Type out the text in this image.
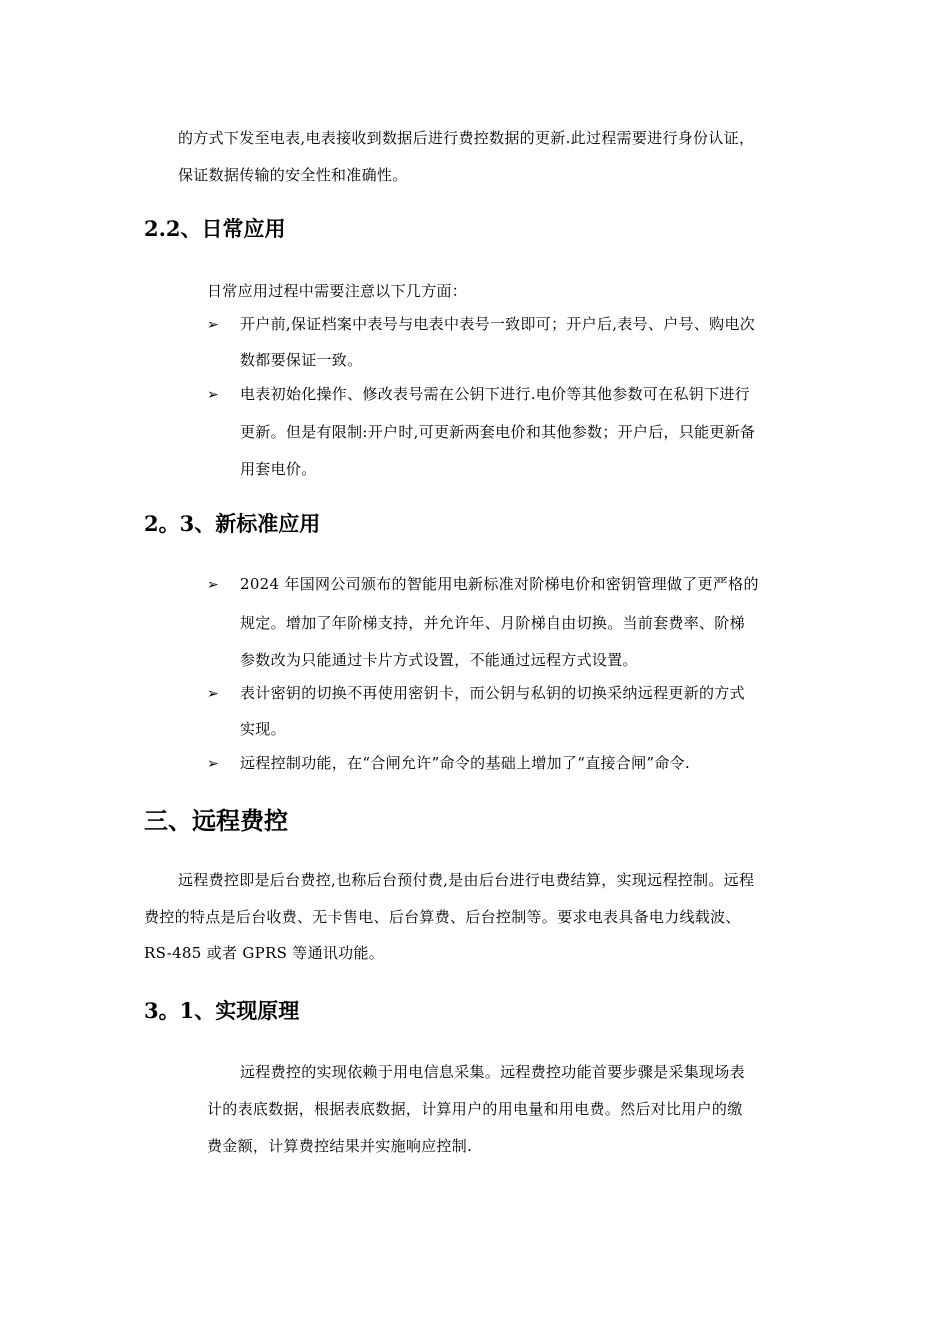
的方式下发至电表,电表接收到数据后进行费控数据的更新.此过程需要进行身份认证，
保证数据传输的安全性和准确性。
2.2、日常应用
日常应用过程中需要注意以下几方面：
➢ 开户前,保证档案中表号与电表中表号一致即可；开户后,表号、户号、购电次
数都要保证一致。
➢ 电表初始化操作、修改表号需在公钥下进行.电价等其他参数可在私钥下进行
更新。但是有限制:开户时,可更新两套电价和其他参数；开户后，只能更新备
用套电价。
2。3、新标准应用
➢ 2024 年国网公司颁布的智能用电新标准对阶梯电价和密钥管理做了更严格的
规定。增加了年阶梯支持，并允许年、月阶梯自由切换。当前套费率、阶梯
参数改为只能通过卡片方式设置，不能通过远程方式设置。
➢ 表计密钥的切换不再使用密钥卡，而公钥与私钥的切换采纳远程更新的方式
实现。
➢ 远程控制功能，在“合闸允许”命令的基础上增加了“直接合闸”命令.
三、远程费控
远程费控即是后台费控,也称后台预付费,是由后台进行电费结算，实现远程控制。远程
费控的特点是后台收费、无卡售电、后台算费、后台控制等。要求电表具备电力线载波、
RS-485 或者 GPRS 等通讯功能。
3。1、实现原理
远程费控的实现依赖于用电信息采集。远程费控功能首要步骤是采集现场表
计的表底数据，根据表底数据，计算用户的用电量和用电费。然后对比用户的缴
费金额，计算费控结果并实施响应控制.
